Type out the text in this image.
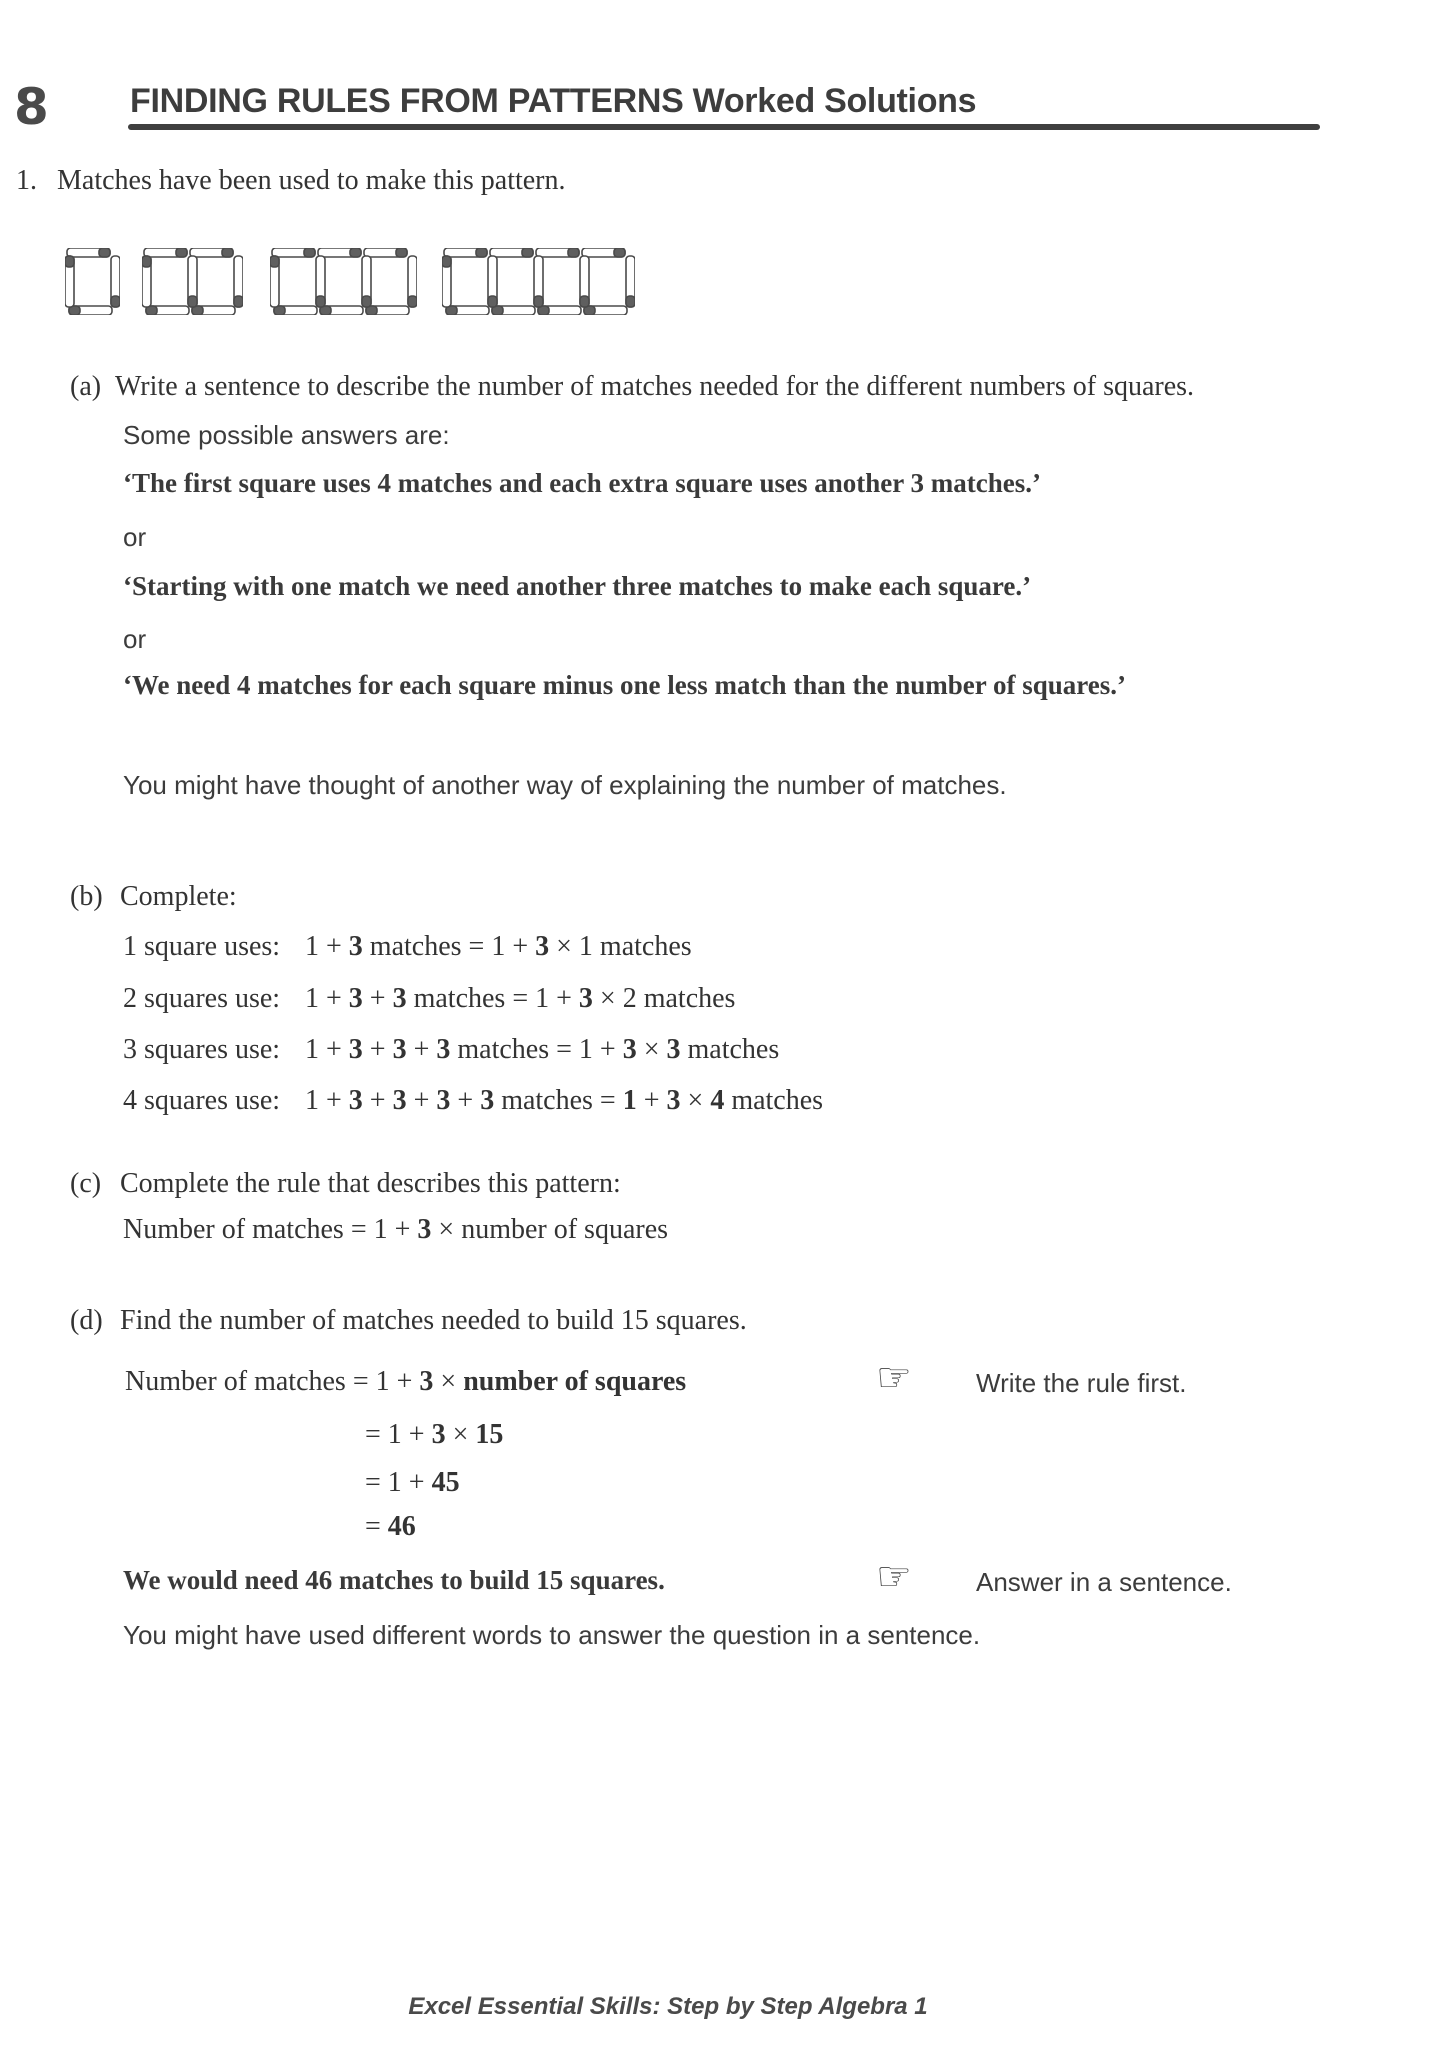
8 FINDING RULES FROM PATTERNS Worked Solutions
1. Matches have been used to make this pattern.
(a) Write a sentence to describe the number of matches needed for the different numbers of squares.
Some possible answers are:
‘The first square uses 4 matches and each extra square uses another 3 matches.’
or
‘Starting with one match we need another three matches to make each square.’
or
‘We need 4 matches for each square minus one less match than the number of squares.’
You might have thought of another way of explaining the number of matches.
(b) Complete:
1 square uses: 1 + 3 matches = 1 + 3 × 1 matches
2 squares use: 1 + 3 + 3 matches = 1 + 3 × 2 matches
3 squares use: 1 + 3 + 3 + 3 matches = 1 + 3 × 3 matches
4 squares use: 1 + 3 + 3 + 3 + 3 matches = 1 + 3 × 4 matches
(c) Complete the rule that describes this pattern:
Number of matches = 1 + 3 × number of squares
(d) Find the number of matches needed to build 15 squares.
Number of matches = 1 + 3 × number of squares	☞ Write the rule first.
= 1 + 3 × 15
= 1 + 45
= 46
We would need 46 matches to build 15 squares.	☞ Answer in a sentence.
You might have used different words to answer the question in a sentence.
Excel Essential Skills: Step by Step Algebra 1
